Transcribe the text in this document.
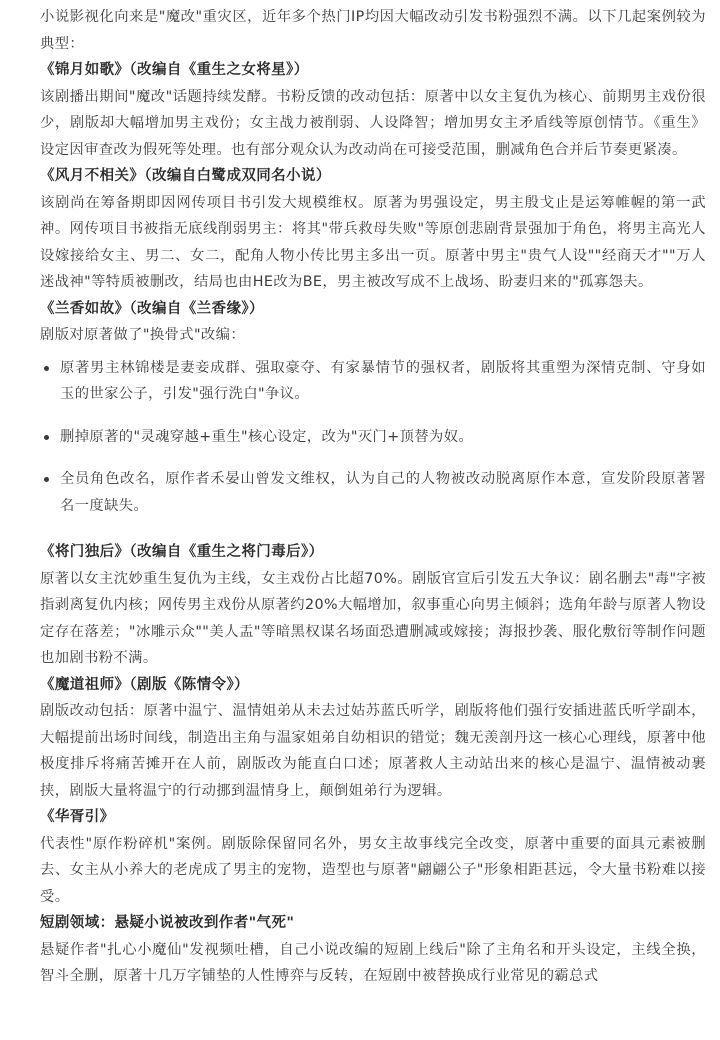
小说影视化向来是"魔改"重灾区，近年多个热门IP均因大幅改动引发书粉强烈不满。以下几起案例较为典型：

《锦月如歌》（改编自《重生之女将星》）

该剧播出期间"魔改"话题持续发酵。书粉反馈的改动包括：原著中以女主复仇为核心、前期男主戏份很少，剧版却大幅增加男主戏份；女主战力被削弱、人设降智；增加男女主矛盾线等原创情节。《重生》设定因审查改为假死等处理。也有部分观众认为改动尚在可接受范围，删减角色合并后节奏更紧凑。

《风月不相关》（改编自白鹭成双同名小说）

该剧尚在筹备期即因网传项目书引发大规模维权。原著为男强设定，男主殷戈止是运筹帷幄的第一武神。网传项目书被指无底线削弱男主：将其"带兵救母失败"等原创悲剧背景强加于角色，将男主高光人设嫁接给女主、男二、女二，配角人物小传比男主多出一页。原著中男主"贵气人设""经商天才""万人迷战神"等特质被删改，结局也由HE改为BE，男主被改写成不上战场、盼妻归来的"孤寡怨夫。

《兰香如故》（改编自《兰香缘》）

剧版对原著做了"换骨式"改编：

原著男主林锦楼是妻妾成群、强取豪夺、有家暴情节的强权者，剧版将其重塑为深情克制、守身如玉的世家公子，引发"强行洗白"争议。
删掉原著的"灵魂穿越+重生"核心设定，改为"灭门+顶替为奴。
全员角色改名，原作者禾晏山曾发文维权，认为自己的人物被改动脱离原作本意，宣发阶段原著署名一度缺失。

《将门独后》（改编自《重生之将门毒后》）

原著以女主沈妙重生复仇为主线，女主戏份占比超70%。剧版官宣后引发五大争议：剧名删去"毒"字被指剥离复仇内核；网传男主戏份从原著约20%大幅增加，叙事重心向男主倾斜；选角年龄与原著人物设定存在落差；"冰雕示众""美人盂"等暗黑权谋名场面恐遭删减或嫁接；海报抄袭、服化敷衍等制作问题也加剧书粉不满。

《魔道祖师》（剧版《陈情令》）

剧版改动包括：原著中温宁、温情姐弟从未去过姑苏蓝氏听学，剧版将他们强行安插进蓝氏听学副本，大幅提前出场时间线，制造出主角与温家姐弟自幼相识的错觉；魏无羡剖丹这一核心心理线，原著中他极度排斥将痛苦摊开在人前，剧版改为能直白口述；原著救人主动站出来的核心是温宁、温情被动裹挟，剧版大量将温宁的行动挪到温情身上，颠倒姐弟行为逻辑。

《华胥引》

代表性"原作粉碎机"案例。剧版除保留同名外，男女主故事线完全改变，原著中重要的面具元素被删去、女主从小养大的老虎成了男主的宠物，造型也与原著"翩翩公子"形象相距甚远，令大量书粉难以接受。

短剧领域：悬疑小说被改到作者"气死"

悬疑作者"扎心小魔仙"发视频吐槽，自己小说改编的短剧上线后"除了主角名和开头设定，主线全换，智斗全删，原著十几万字铺垫的人性博弈与反转，在短剧中被替换成行业常见的霸总式
